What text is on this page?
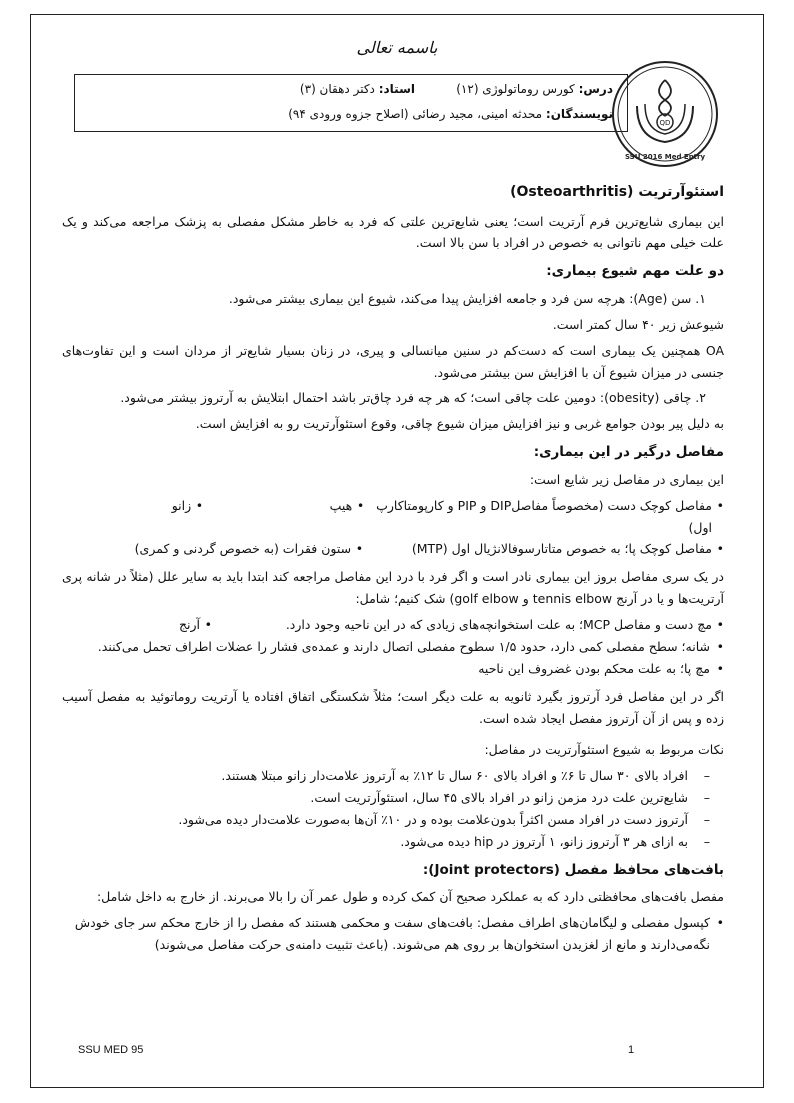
باسمه تعالی
درس: کورس روماتولوژی (۱۲)
استاد: دکتر دهقان (۳)
نویسندگان: محدثه امینی، مجید رضائی (اصلاح جزوه ورودی ۹۴)
QD
SSU 2016 Med Entry
استئوآرتریت (Osteoarthritis)

این بیماری شایع‌ترین فرم آرتریت است؛ یعنی شایع‌ترین علتی که فرد به خاطر مشکل مفصلی به پزشک مراجعه می‌کند و یک علت خیلی مهم ناتوانی به خصوص در افراد با سن بالا است.

دو علت مهم شیوع بیماری:

۱. سن (Age): هرچه سن فرد و جامعه افزایش پیدا می‌کند، شیوع این بیماری بیشتر می‌شود.

شیوعش زیر ۴۰ سال کمتر است.

OA همچنین یک بیماری است که دست‌کم در سنین میانسالی و پیری، در زنان بسیار شایع‌تر از مردان است و این تفاوت‌های جنسی در میزان شیوع آن با افزایش سن بیشتر می‌شود.

۲. چاقی (obesity): دومین علت چاقی است؛ که هر چه فرد چاق‌تر باشد احتمال ابتلایش به آرتروز بیشتر می‌شود.

به دلیل پیر بودن جوامع غربی و نیز افزایش میزان شیوع چاقی، وقوع استئوآرتریت رو به افزایش است.

مفاصل درگیر در این بیماری:

این بیماری در مفاصل زیر شایع است:

• مفاصل کوچک دست (مخصوصاً مفاصلDIP و PIP و کارپومتاکارپ اول)
• هیپ
• زانو
• مفاصل کوچک پا؛ به خصوص متاتارسوفالانژیال اول (MTP)
• ستون فقرات (به خصوص گردنی و کمری)

در یک سری مفاصل بروز این بیماری نادر است و اگر فرد با درد این مفاصل مراجعه کند ابتدا باید به سایر علل (مثلاً در شانه پری آرتریت‌ها و یا در آرنج tennis elbow و golf elbow) شک کنیم؛ شامل:

• مچ دست و مفاصل MCP؛ به علت استخوانچه‌های زیادی که در این ناحیه وجود دارد.
• آرنج
• شانه؛ سطح مفصلی کمی دارد، حدود ۱/۵ سطوح مفصلی اتصال دارند و عمده‌ی فشار را عضلات اطراف تحمل می‌کنند.
• مچ پا؛ به علت محکم بودن غضروف این ناحیه

اگر در این مفاصل فرد آرتروز بگیرد ثانویه به علت دیگر است؛ مثلاً شکستگی اتفاق افتاده یا آرتریت روماتوئید به مفصل آسیب زده و پس از آن آرتروز مفصل ایجاد شده است.

نکات مربوط به شیوع استئوآرتریت در مفاصل:

– افراد بالای ۳۰ سال تا ۶٪ و افراد بالای ۶۰ سال تا ۱۲٪ به آرتروز علامت‌دار زانو مبتلا هستند.
– شایع‌ترین علت درد مزمن زانو در افراد بالای ۴۵ سال، استئوآرتریت است.
– آرتروز دست در افراد مسن اکثراً بدون‌علامت بوده و در ۱۰٪ آن‌ها به‌صورت علامت‌دار دیده می‌شود.
– به ازای هر ۳ آرتروز زانو، ۱ آرتروز در hip دیده می‌شود.
بافت‌های محافظ مفصل (Joint protectors):

مفصل بافت‌های محافظتی دارد که به عملکرد صحیح آن کمک کرده و طول عمر آن را بالا می‌برند. از خارج به داخل شامل:

• کپسول مفصلی و لیگامان‌های اطراف مفصل: بافت‌های سفت و محکمی هستند که مفصل را از خارج محکم سر جای خودش نگه‌می‌دارند و مانع از لغزیدن استخوان‌ها بر روی هم می‌شوند. (باعث تثبیت دامنه‌ی حرکت مفاصل می‌شوند)
SSU MED 95	1
